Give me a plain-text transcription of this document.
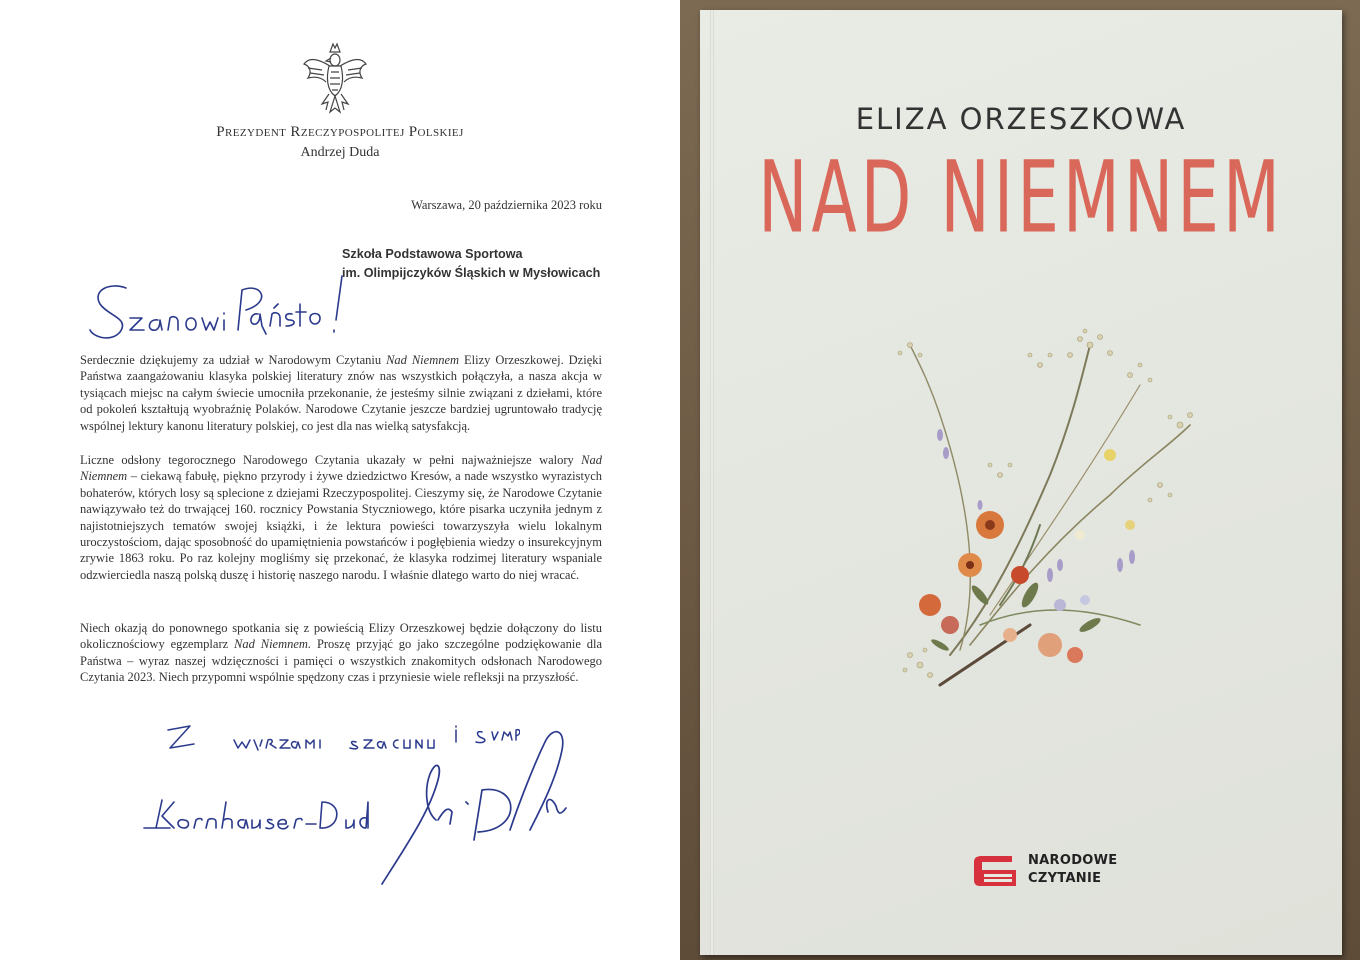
Prezydent Rzeczypospolitej Polskiej
Andrzej Duda
Warszawa, 20 października 2023 roku
Szkoła Podstawowa Sportowa
im. Olimpijczyków Śląskich w Mysłowicach
Szanowni Państwo!

Serdecznie dziękujemy za udział w Narodowym Czytaniu Nad Niemnem Elizy Orzeszkowej. Dzięki Państwa zaangażowaniu klasyka polskiej literatury znów nas wszystkich połączyła, a nasza akcja w tysiącach miejsc na całym świecie umocniła przekonanie, że jesteśmy silnie związani z dziełami, które od pokoleń kształtują wyobraźnię Polaków. Narodowe Czytanie jeszcze bardziej ugruntowało tradycję wspólnej lektury kanonu literatury polskiej, co jest dla nas wielką satysfakcją.

Liczne odsłony tegorocznego Narodowego Czytania ukazały w pełni najważniejsze walory Nad Niemnem – ciekawą fabułę, piękno przyrody i żywe dziedzictwo Kresów, a nade wszystko wyrazistych bohaterów, których losy są splecione z dziejami Rzeczypospolitej. Cieszymy się, że Narodowe Czytanie nawiązywało też do trwającej 160. rocznicy Powstania Styczniowego, które pisarka uczyniła jednym z najistotniejszych tematów swojej książki, i że lektura powieści towarzyszyła wielu lokalnym uroczystościom, dając sposobność do upamiętnienia powstańców i pogłębienia wiedzy o insurekcyjnym zrywie 1863 roku. Po raz kolejny mogliśmy się przekonać, że klasyka rodzimej literatury wspaniale odzwierciedla naszą polską duszę i historię naszego narodu. I właśnie dlatego warto do niej wracać.

Niech okazją do ponownego spotkania się z powieścią Elizy Orzeszkowej będzie dołączony do listu okolicznościowy egzemplarz Nad Niemnem. Proszę przyjąć go jako szczególne podziękowanie dla Państwa – wyraz naszej wdzięczności i pamięci o wszystkich znakomitych odsłonach Narodowego Czytania 2023. Niech przypomni wspólnie spędzony czas i przyniesie wiele refleksji na przyszłość.

Z wyrazami szacunku i sympatii
Kornhauser-Duda
A. Duda
ELIZA ORZESZKOWA
NAD NIEMNEM
NARODOWE
CZYTANIE
